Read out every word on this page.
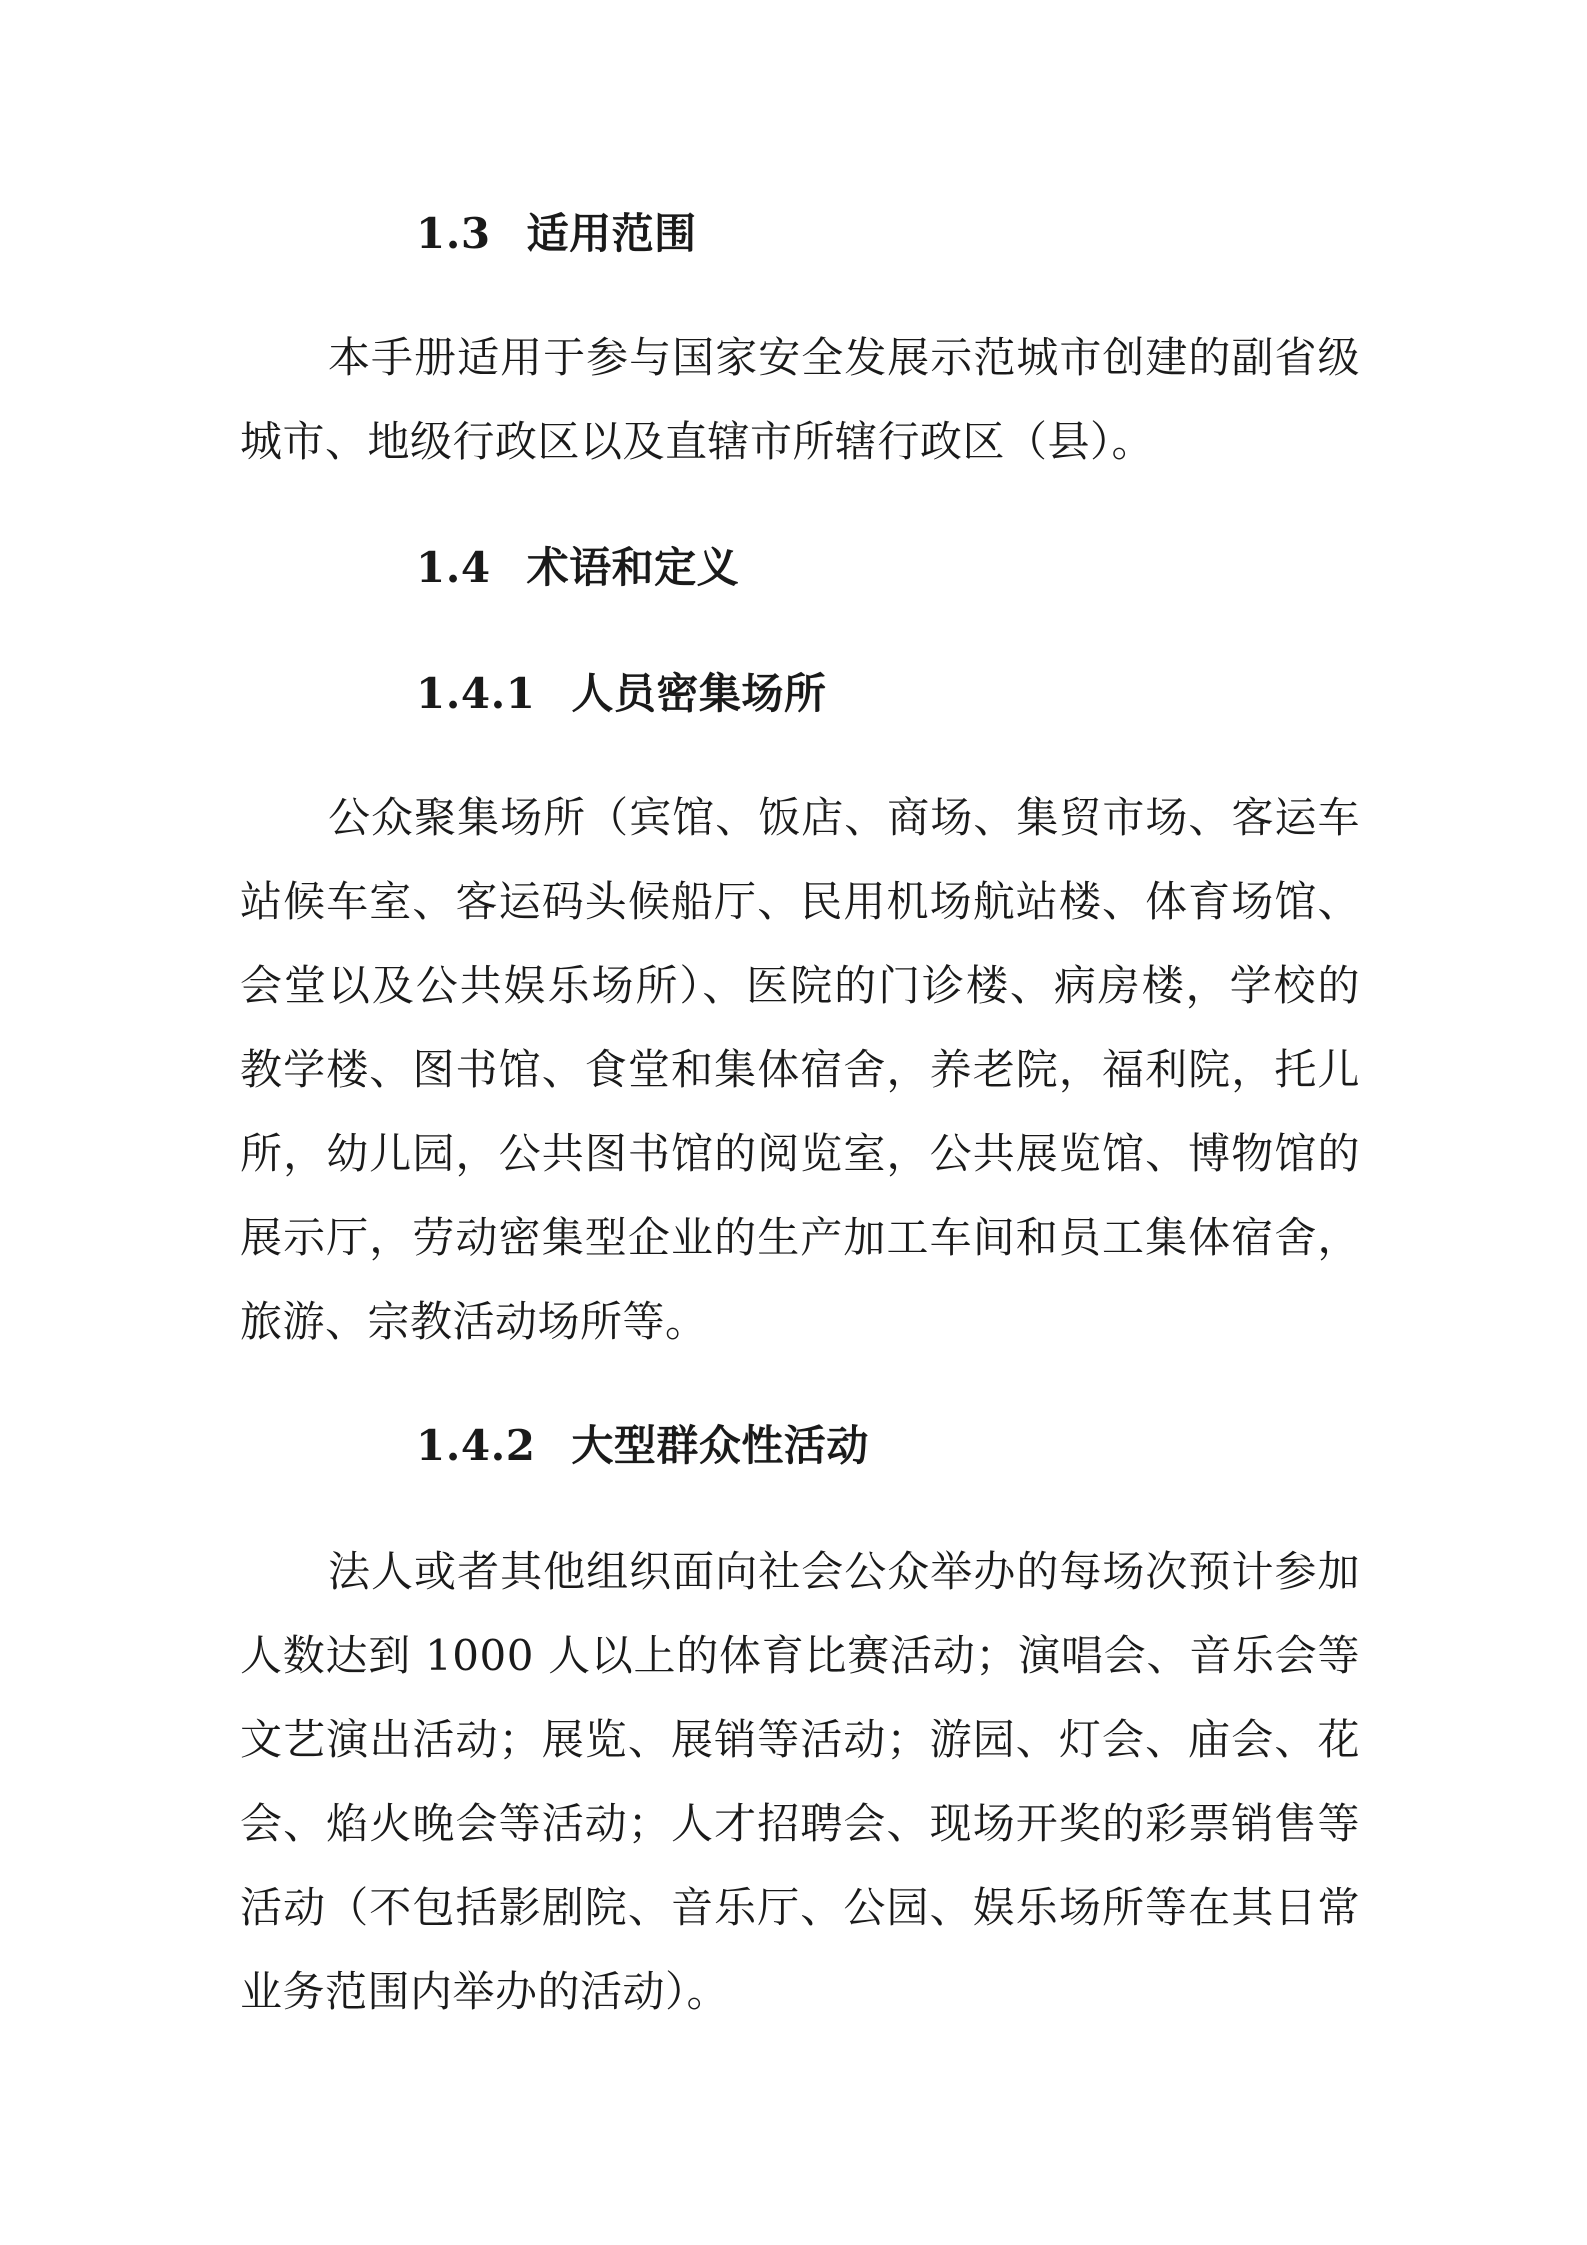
1.3 适用范围

本手册适用于参与国家安全发展示范城市创建的副省级城市、地级行政区以及直辖市所辖行政区（县）。

1.4 术语和定义
1.4.1 人员密集场所

公众聚集场所（宾馆、饭店、商场、集贸市场、客运车站候车室、客运码头候船厅、民用机场航站楼、体育场馆、会堂以及公共娱乐场所）、医院的门诊楼、病房楼，学校的教学楼、图书馆、食堂和集体宿舍，养老院，福利院，托儿所，幼儿园，公共图书馆的阅览室，公共展览馆、博物馆的展示厅，劳动密集型企业的生产加工车间和员工集体宿舍，旅游、宗教活动场所等。

1.4.2 大型群众性活动

法人或者其他组织面向社会公众举办的每场次预计参加人数达到 1000 人以上的体育比赛活动；演唱会、音乐会等文艺演出活动；展览、展销等活动；游园、灯会、庙会、花会、焰火晚会等活动；人才招聘会、现场开奖的彩票销售等活动（不包括影剧院、音乐厅、公园、娱乐场所等在其日常业务范围内举办的活动）。
